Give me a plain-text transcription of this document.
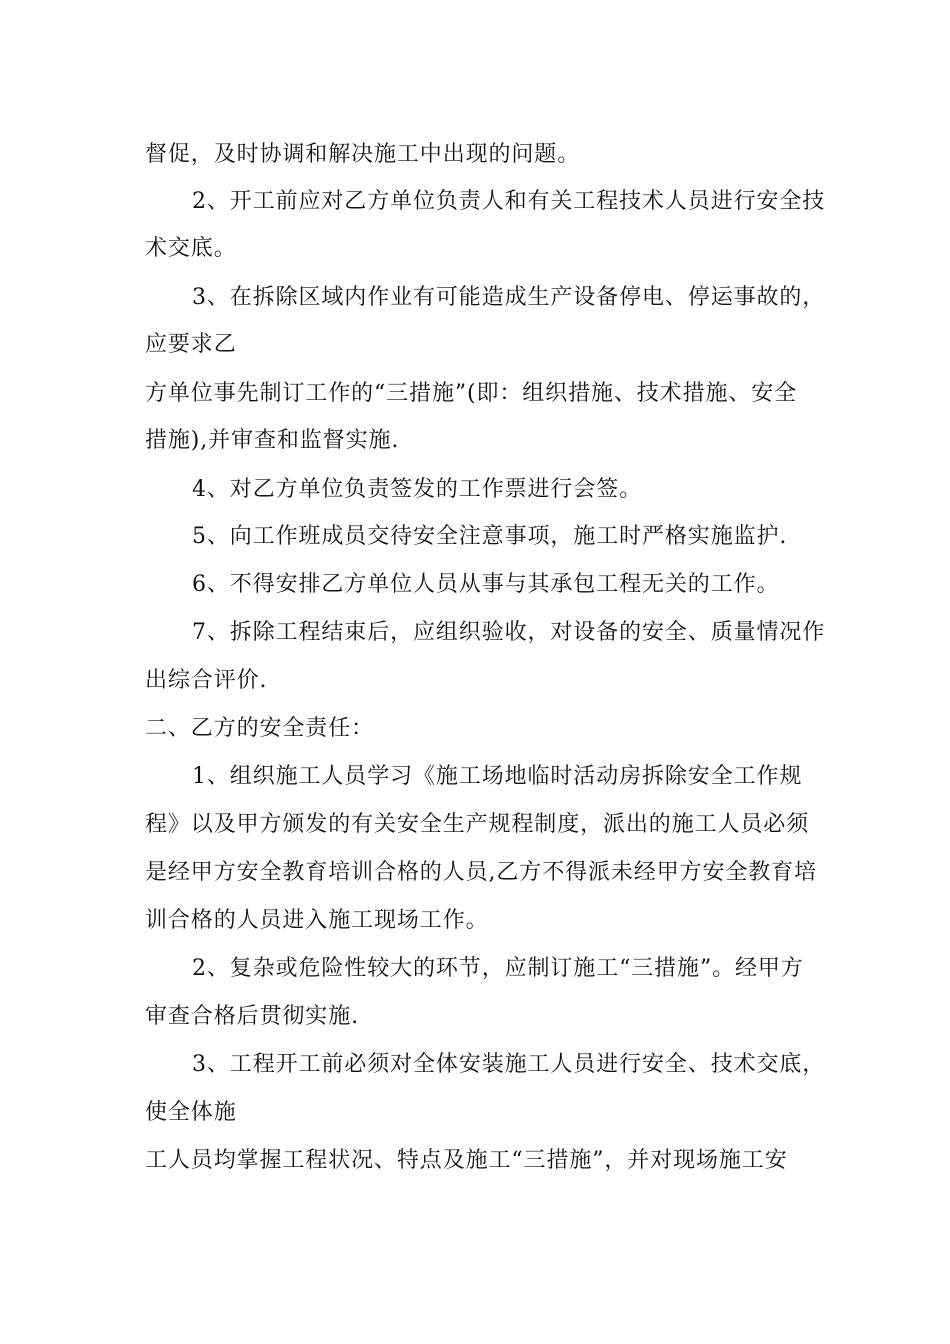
督促，及时协调和解决施工中出现的问题。
2、开工前应对乙方单位负责人和有关工程技术人员进行安全技
术交底。
3、在拆除区域内作业有可能造成生产设备停电、停运事故的，
应要求乙
方单位事先制订工作的“三措施”(即：组织措施、技术措施、安全
措施),并审查和监督实施.
4、对乙方单位负责签发的工作票进行会签。
5、向工作班成员交待安全注意事项，施工时严格实施监护.
6、不得安排乙方单位人员从事与其承包工程无关的工作。
7、拆除工程结束后，应组织验收，对设备的安全、质量情况作
出综合评价.
二、乙方的安全责任：
1、组织施工人员学习《施工场地临时活动房拆除安全工作规
程》以及甲方颁发的有关安全生产规程制度，派出的施工人员必须
是经甲方安全教育培训合格的人员,乙方不得派未经甲方安全教育培
训合格的人员进入施工现场工作。
2、复杂或危险性较大的环节，应制订施工“三措施”。经甲方
审查合格后贯彻实施.
3、工程开工前必须对全体安装施工人员进行安全、技术交底，
使全体施
工人员均掌握工程状况、特点及施工“三措施”，并对现场施工安
